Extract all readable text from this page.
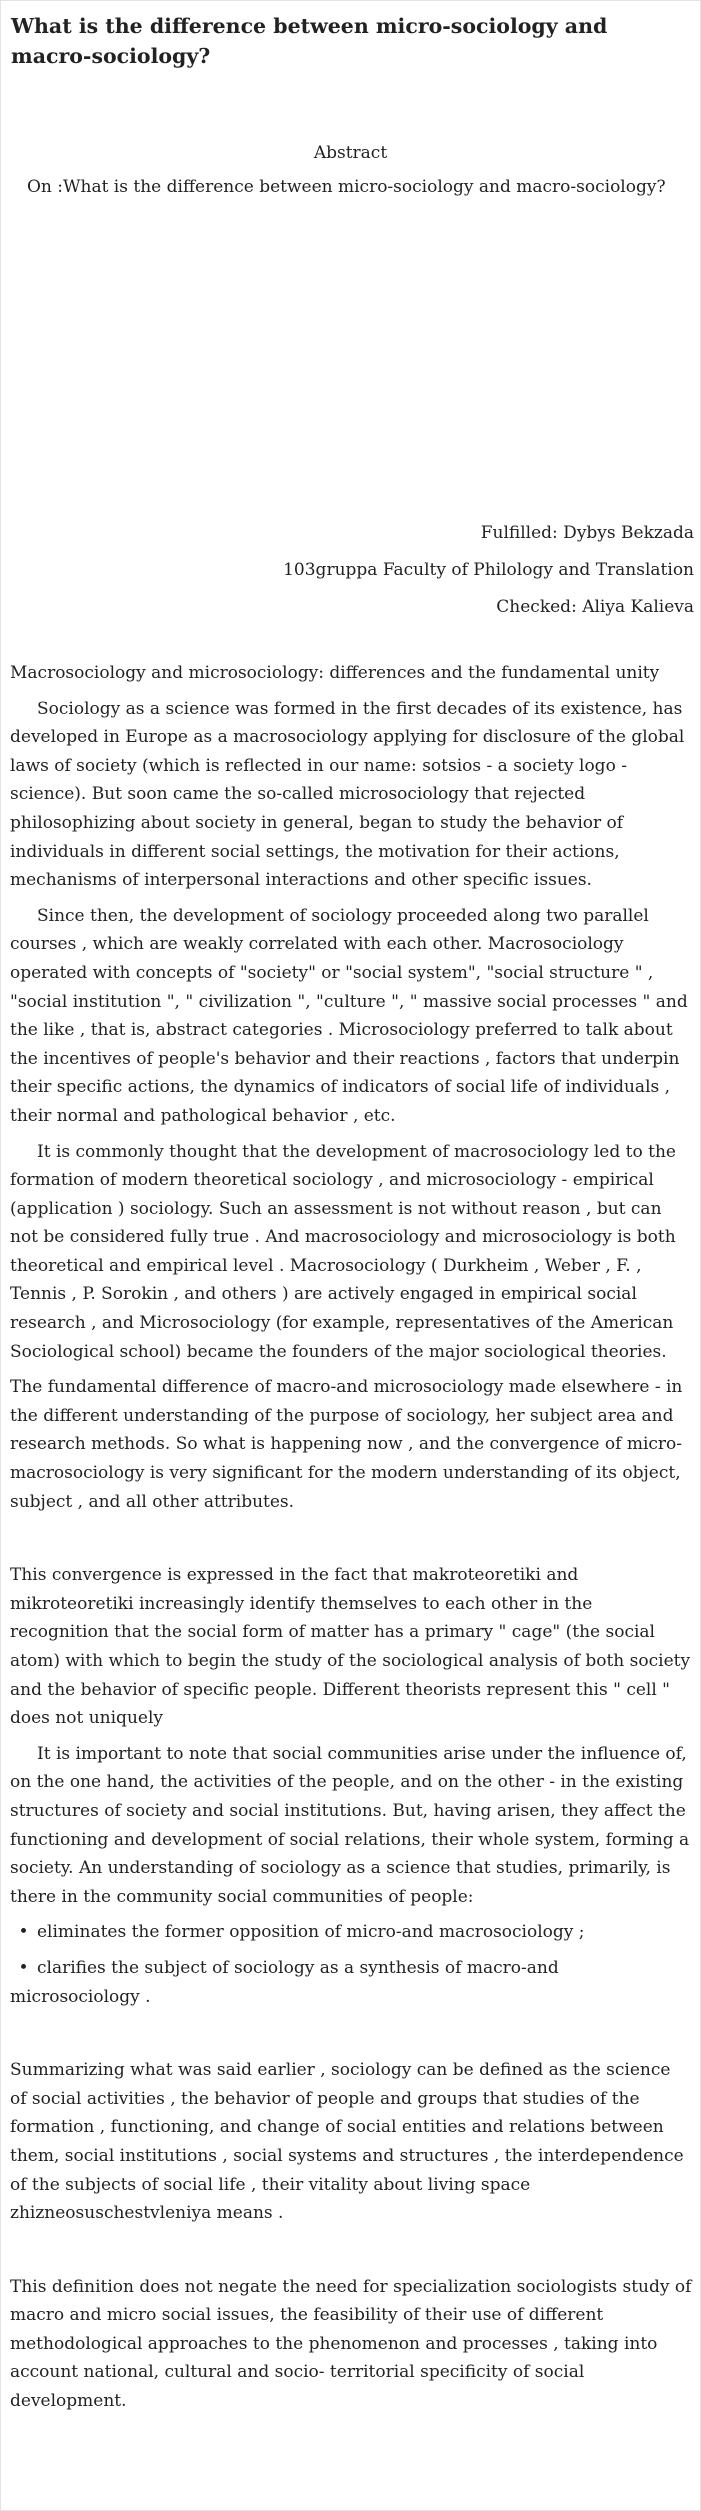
What is the difference between micro-sociology and macro-sociology?
Abstract
On :What is the difference between micro-sociology and macro-sociology?
Fulfilled: Dybys Bekzada
103gruppa Faculty of Philology and Translation
Checked: Aliya Kalieva
Macrosociology and microsociology: differences and the fundamental unity
Sociology as a science was formed in the first decades of its existence, has developed in Europe as a macrosociology applying for disclosure of the global laws of society (which is reflected in our name: sotsios - a society logo - science). But soon came the so-called microsociology that rejected philosophizing about society in general, began to study the behavior of individuals in different social settings, the motivation for their actions, mechanisms of interpersonal interactions and other specific issues.
Since then, the development of sociology proceeded along two parallel courses , which are weakly correlated with each other. Macrosociology operated with concepts of "society" or "social system", "social structure " , "social institution ", " civilization ", "culture ", " massive social processes " and the like , that is, abstract categories . Microsociology preferred to talk about the incentives of people's behavior and their reactions , factors that underpin their specific actions, the dynamics of indicators of social life of individuals , their normal and pathological behavior , etc.
It is commonly thought that the development of macrosociology led to the formation of modern theoretical sociology , and microsociology - empirical (application ) sociology. Such an assessment is not without reason , but can not be considered fully true . And macrosociology and microsociology is both theoretical and empirical level . Macrosociology ( Durkheim , Weber , F. , Tennis , P. Sorokin , and others ) are actively engaged in empirical social research , and Microsociology (for example, representatives of the American Sociological school) became the founders of the major sociological theories.
The fundamental difference of macro-and microsociology made elsewhere - in the different understanding of the purpose of sociology, her subject area and research methods. So what is happening now , and the convergence of micro- macrosociology is very significant for the modern understanding of its object, subject , and all other attributes.
This convergence is expressed in the fact that makroteoretiki and mikroteoretiki increasingly identify themselves to each other in the recognition that the social form of matter has a primary " cage" (the social atom) with which to begin the study of the sociological analysis of both society and the behavior of specific people. Different theorists represent this " cell " does not uniquely
It is important to note that social communities arise under the influence of, on the one hand, the activities of the people, and on the other - in the existing structures of society and social institutions. But, having arisen, they affect the functioning and development of social relations, their whole system, forming a society. An understanding of sociology as a science that studies, primarily, is there in the community social communities of people:
• eliminates the former opposition of micro-and macrosociology ;
• clarifies the subject of sociology as a synthesis of macro-and microsociology .
Summarizing what was said earlier , sociology can be defined as the science of social activities , the behavior of people and groups that studies of the formation , functioning, and change of social entities and relations between them, social institutions , social systems and structures , the interdependence of the subjects of social life , their vitality about living space zhizneosuschestvleniya means .
This definition does not negate the need for specialization sociologists study of macro and micro social issues, the feasibility of their use of different methodological approaches to the phenomenon and processes , taking into account national, cultural and socio- territorial specificity of social development.
